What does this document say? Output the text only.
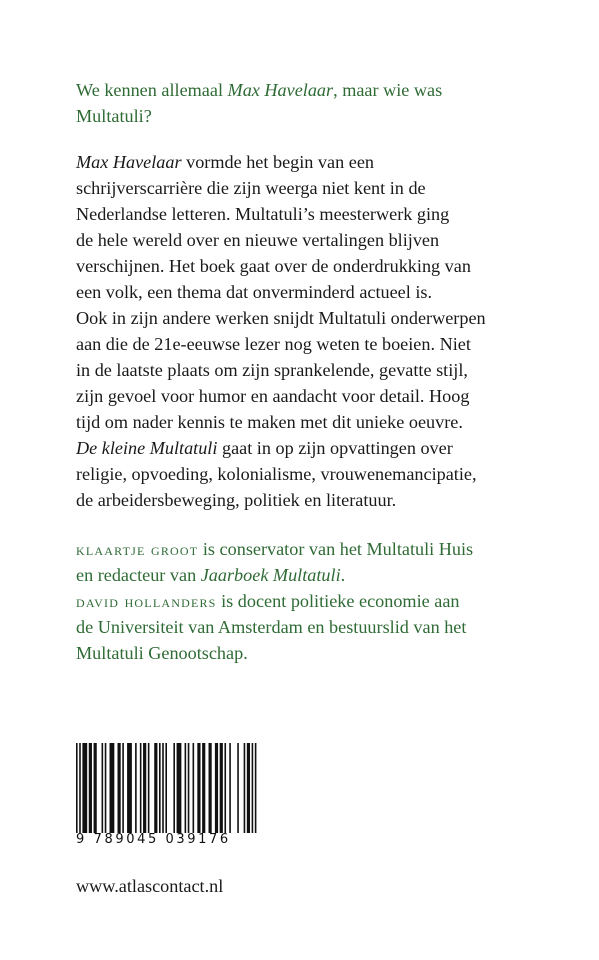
We kennen allemaal Max Havelaar, maar wie was
Multatuli?
Max Havelaar vormde het begin van een
schrijverscarrière die zijn weerga niet kent in de
Nederlandse letteren. Multatuli’s meesterwerk ging
de hele wereld over en nieuwe vertalingen blijven
verschijnen. Het boek gaat over de onderdrukking van
een volk, een thema dat onverminderd actueel is.
Ook in zijn andere werken snijdt Multatuli onderwerpen
aan die de 21e-eeuwse lezer nog weten te boeien. Niet
in de laatste plaats om zijn sprankelende, gevatte stijl,
zijn gevoel voor humor en aandacht voor detail. Hoog
tijd om nader kennis te maken met dit unieke oeuvre.
De kleine Multatuli gaat in op zijn opvattingen over
religie, opvoeding, kolonialisme, vrouwenemancipatie,
de arbeidersbeweging, politiek en literatuur.
klaartje groot is conservator van het Multatuli Huis
en redacteur van Jaarboek Multatuli.
david hollanders is docent politieke economie aan
de Universiteit van Amsterdam en bestuurslid van het
Multatuli Genootschap.
9 789045 039176
www.atlascontact.nl
